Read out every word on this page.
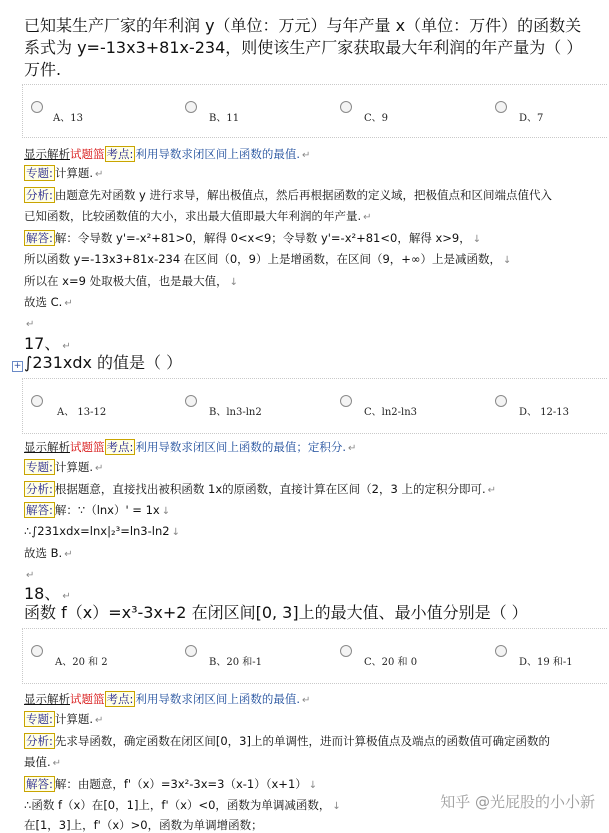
已知某生产厂家的年利润 y（单位：万元）与年产量 x（单位：万件）的函数关
系式为 y=-13x3+81x-234，则使该生产厂家获取最大年利润的年产量为（ ）
万件.
A、13	B、11	C、9	D、7
显示解析试题篮 考点: 利用导数求闭区间上函数的最值. ↵
专题: 计算题. ↵
分析: 由题意先对函数 y 进行求导，解出极值点，然后再根据函数的定义域，把极值点和区间端点值代入
已知函数，比较函数值的大小，求出最大值即最大年利润的年产量. ↵
解答: 解：令导数 y'=-x²+81>0，解得 0<x<9；令导数 y'=-x²+81<0，解得 x>9， ↓
所以函数 y=-13x3+81x-234 在区间（0，9）上是增函数，在区间（9，+∞）上是减函数， ↓
所以在 x=9 处取极大值，也是最大值， ↓
故选 C. ↵
↵
17、 ↵
+ ∫231xdx 的值是（ ）
A、 13-12	B、ln3-ln2	C、ln2-ln3	D、 12-13
显示解析试题篮 考点: 利用导数求闭区间上函数的最值；定积分. ↵
专题: 计算题. ↵
分析: 根据题意，直接找出被积函数 1x的原函数，直接计算在区间（2，3 上的定积分即可. ↵
解答: 解：∵（lnx）' = 1x ↓
∴∫231xdx=lnx|₂³=ln3-ln2 ↓
故选 B. ↵
↵
18、 ↵
函数 f（x）=x³-3x+2 在闭区间[0, 3]上的最大值、最小值分别是（ ）
A、20 和 2	B、20 和-1	C、20 和 0	D、19 和-1
显示解析试题篮 考点: 利用导数求闭区间上函数的最值. ↵
专题: 计算题. ↵
分析: 先求导函数，确定函数在闭区间[0，3]上的单调性，进而计算极值点及端点的函数值可确定函数的
最值. ↵
解答: 解：由题意，f'（x）=3x²-3x=3（x-1）（x+1） ↓
∴函数 f（x）在[0，1]上，f'（x）<0，函数为单调减函数， ↓
在[1，3]上，f'（x）>0，函数为单调增函数；
知乎 @光屁股的小小新
